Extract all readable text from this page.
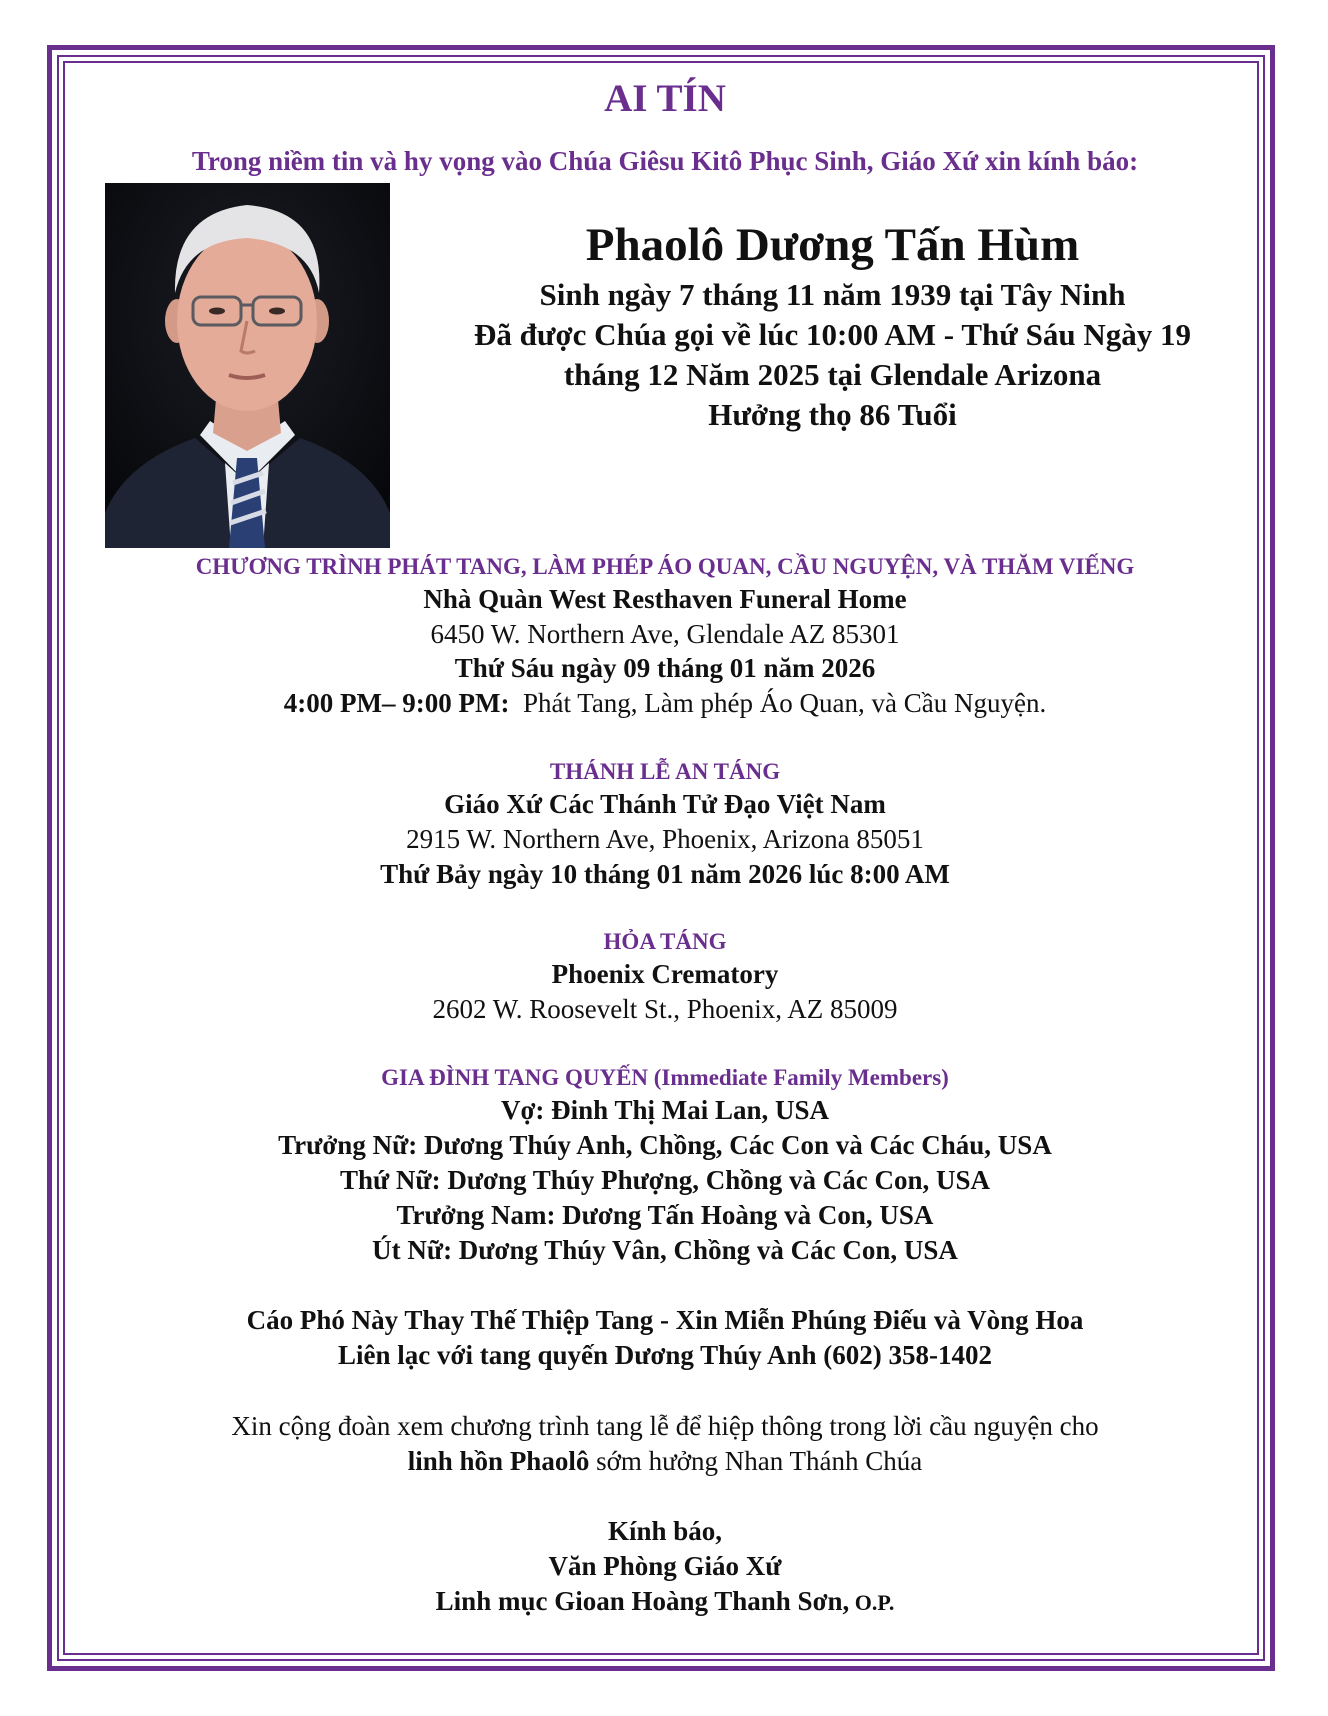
AI TÍN
Trong niềm tin và hy vọng vào Chúa Giêsu Kitô Phục Sinh, Giáo Xứ xin kính báo:
Phaolô Dương Tấn Hùm
Sinh ngày 7 tháng 11 năm 1939 tại Tây Ninh
Đã được Chúa gọi về lúc 10:00 AM - Thứ Sáu Ngày 19
tháng 12 Năm 2025 tại Glendale Arizona
Hưởng thọ 86 Tuổi
CHƯƠNG TRÌNH PHÁT TANG, LÀM PHÉP ÁO QUAN, CẦU NGUYỆN, VÀ THĂM VIẾNG
Nhà Quàn West Resthaven Funeral Home
6450 W. Northern Ave, Glendale AZ 85301
Thứ Sáu ngày 09 tháng 01 năm 2026
4:00 PM– 9:00 PM: Phát Tang, Làm phép Áo Quan, và Cầu Nguyện.
THÁNH LỄ AN TÁNG
Giáo Xứ Các Thánh Tử Đạo Việt Nam
2915 W. Northern Ave, Phoenix, Arizona 85051
Thứ Bảy ngày 10 tháng 01 năm 2026 lúc 8:00 AM
HỎA TÁNG
Phoenix Crematory
2602 W. Roosevelt St., Phoenix, AZ 85009
GIA ĐÌNH TANG QUYẾN (Immediate Family Members)
Vợ: Đinh Thị Mai Lan, USA
Trưởng Nữ: Dương Thúy Anh, Chồng, Các Con và Các Cháu, USA
Thứ Nữ: Dương Thúy Phượng, Chồng và Các Con, USA
Trưởng Nam: Dương Tấn Hoàng và Con, USA
Út Nữ: Dương Thúy Vân, Chồng và Các Con, USA
Cáo Phó Này Thay Thế Thiệp Tang - Xin Miễn Phúng Điếu và Vòng Hoa
Liên lạc với tang quyến Dương Thúy Anh (602) 358-1402
Xin cộng đoàn xem chương trình tang lễ để hiệp thông trong lời cầu nguyện cho
linh hồn Phaolô sớm hưởng Nhan Thánh Chúa
Kính báo,
Văn Phòng Giáo Xứ
Linh mục Gioan Hoàng Thanh Sơn, O.P.
